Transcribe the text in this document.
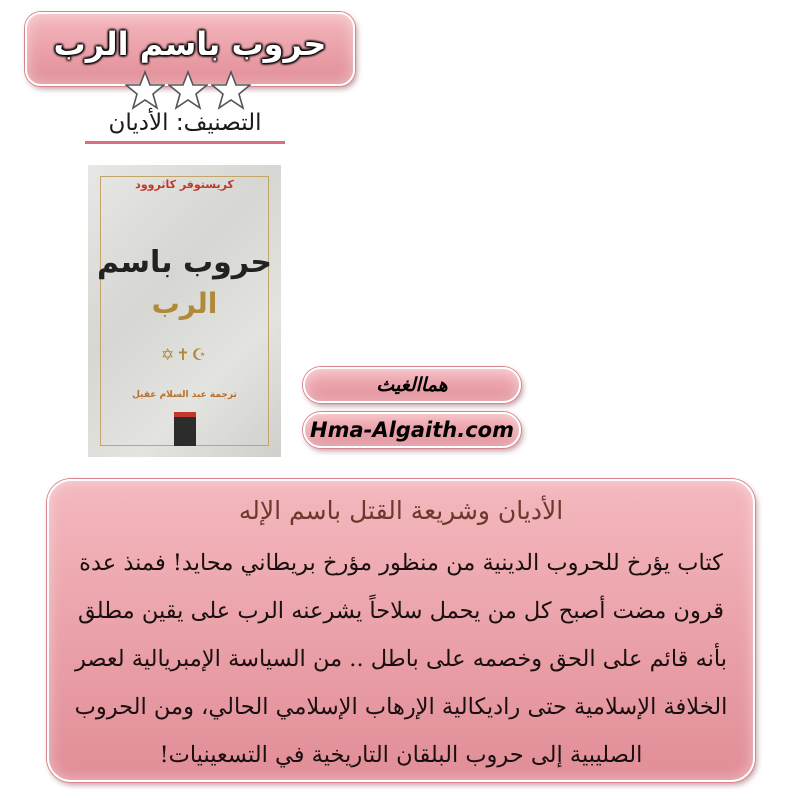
حروب باسم الرب
التصنيف: الأديان
كريستوفر كاثروود
حروب باسم
الرب
✡✝☪
ترجمة عبد السلام عقيل	هماالغيث
Hma-Algaith.com
الأديان وشريعة القتل باسم الإله
كتاب يؤرخ للحروب الدينية من منظور مؤرخ بريطاني محايد! فمنذ عدة قرون مضت أصبح كل من يحمل سلاحاً يشرعنه الرب على يقين مطلق بأنه قائم على الحق وخصمه على باطل .. من السياسة الإمبريالية لعصر الخلافة الإسلامية حتى راديكالية الإرهاب الإسلامي الحالي، ومن الحروب الصليبية إلى حروب البلقان التاريخية في التسعينيات!
